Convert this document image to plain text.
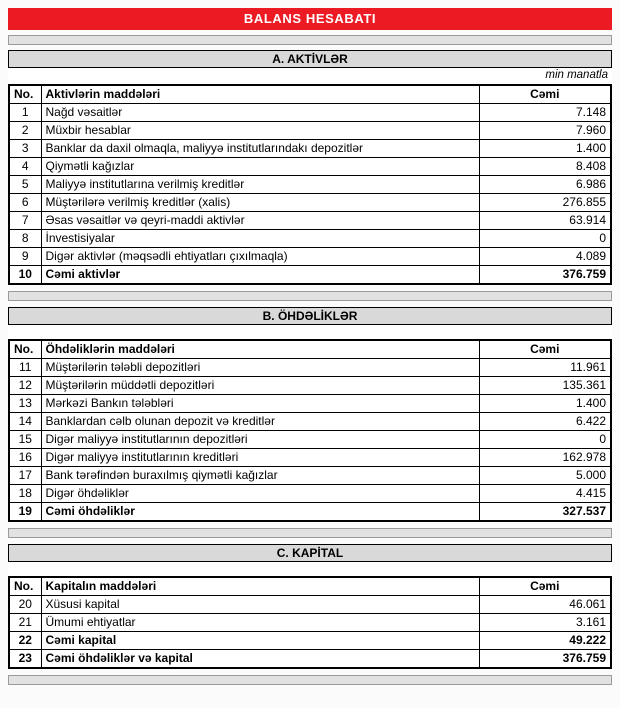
BALANS HESABATI
A. AKTİVLƏR
min manatla
No.	Aktivlərin maddələri	Cəmi
1	Nağd vəsaitlər	7.148
2	Müxbir hesablar	7.960
3	Banklar da daxil olmaqla, maliyyə institutlarındakı depozitlər	1.400
4	Qiymətli kağızlar	8.408
5	Maliyyə institutlarına verilmiş kreditlər	6.986
6	Müştərilərə verilmiş kreditlər (xalis)	276.855
7	Əsas vəsaitlər və qeyri-maddi aktivlər	63.914
8	İnvestisiyalar	0
9	Digər aktivlər (məqsədli ehtiyatları çıxılmaqla)	4.089
10	Cəmi aktivlər	376.759
B. ÖHDƏLİKLƏR
No.	Öhdəliklərin maddələri	Cəmi
11	Müştərilərin tələbli depozitləri	11.961
12	Müştərilərin müddətli depozitləri	135.361
13	Mərkəzi Bankın tələbləri	1.400
14	Banklardan cəlb olunan depozit və kreditlər	6.422
15	Digər maliyyə institutlarının depozitləri	0
16	Digər maliyyə institutlarının kreditləri	162.978
17	Bank tərəfindən buraxılmış qiymətli kağızlar	5.000
18	Digər öhdəliklər	4.415
19	Cəmi öhdəliklər	327.537
C. KAPİTAL
No.	Kapitalın maddələri	Cəmi
20	Xüsusi kapital	46.061
21	Ümumi ehtiyatlar	3.161
22	Cəmi kapital	49.222
23	Cəmi öhdəliklər və kapital	376.759
